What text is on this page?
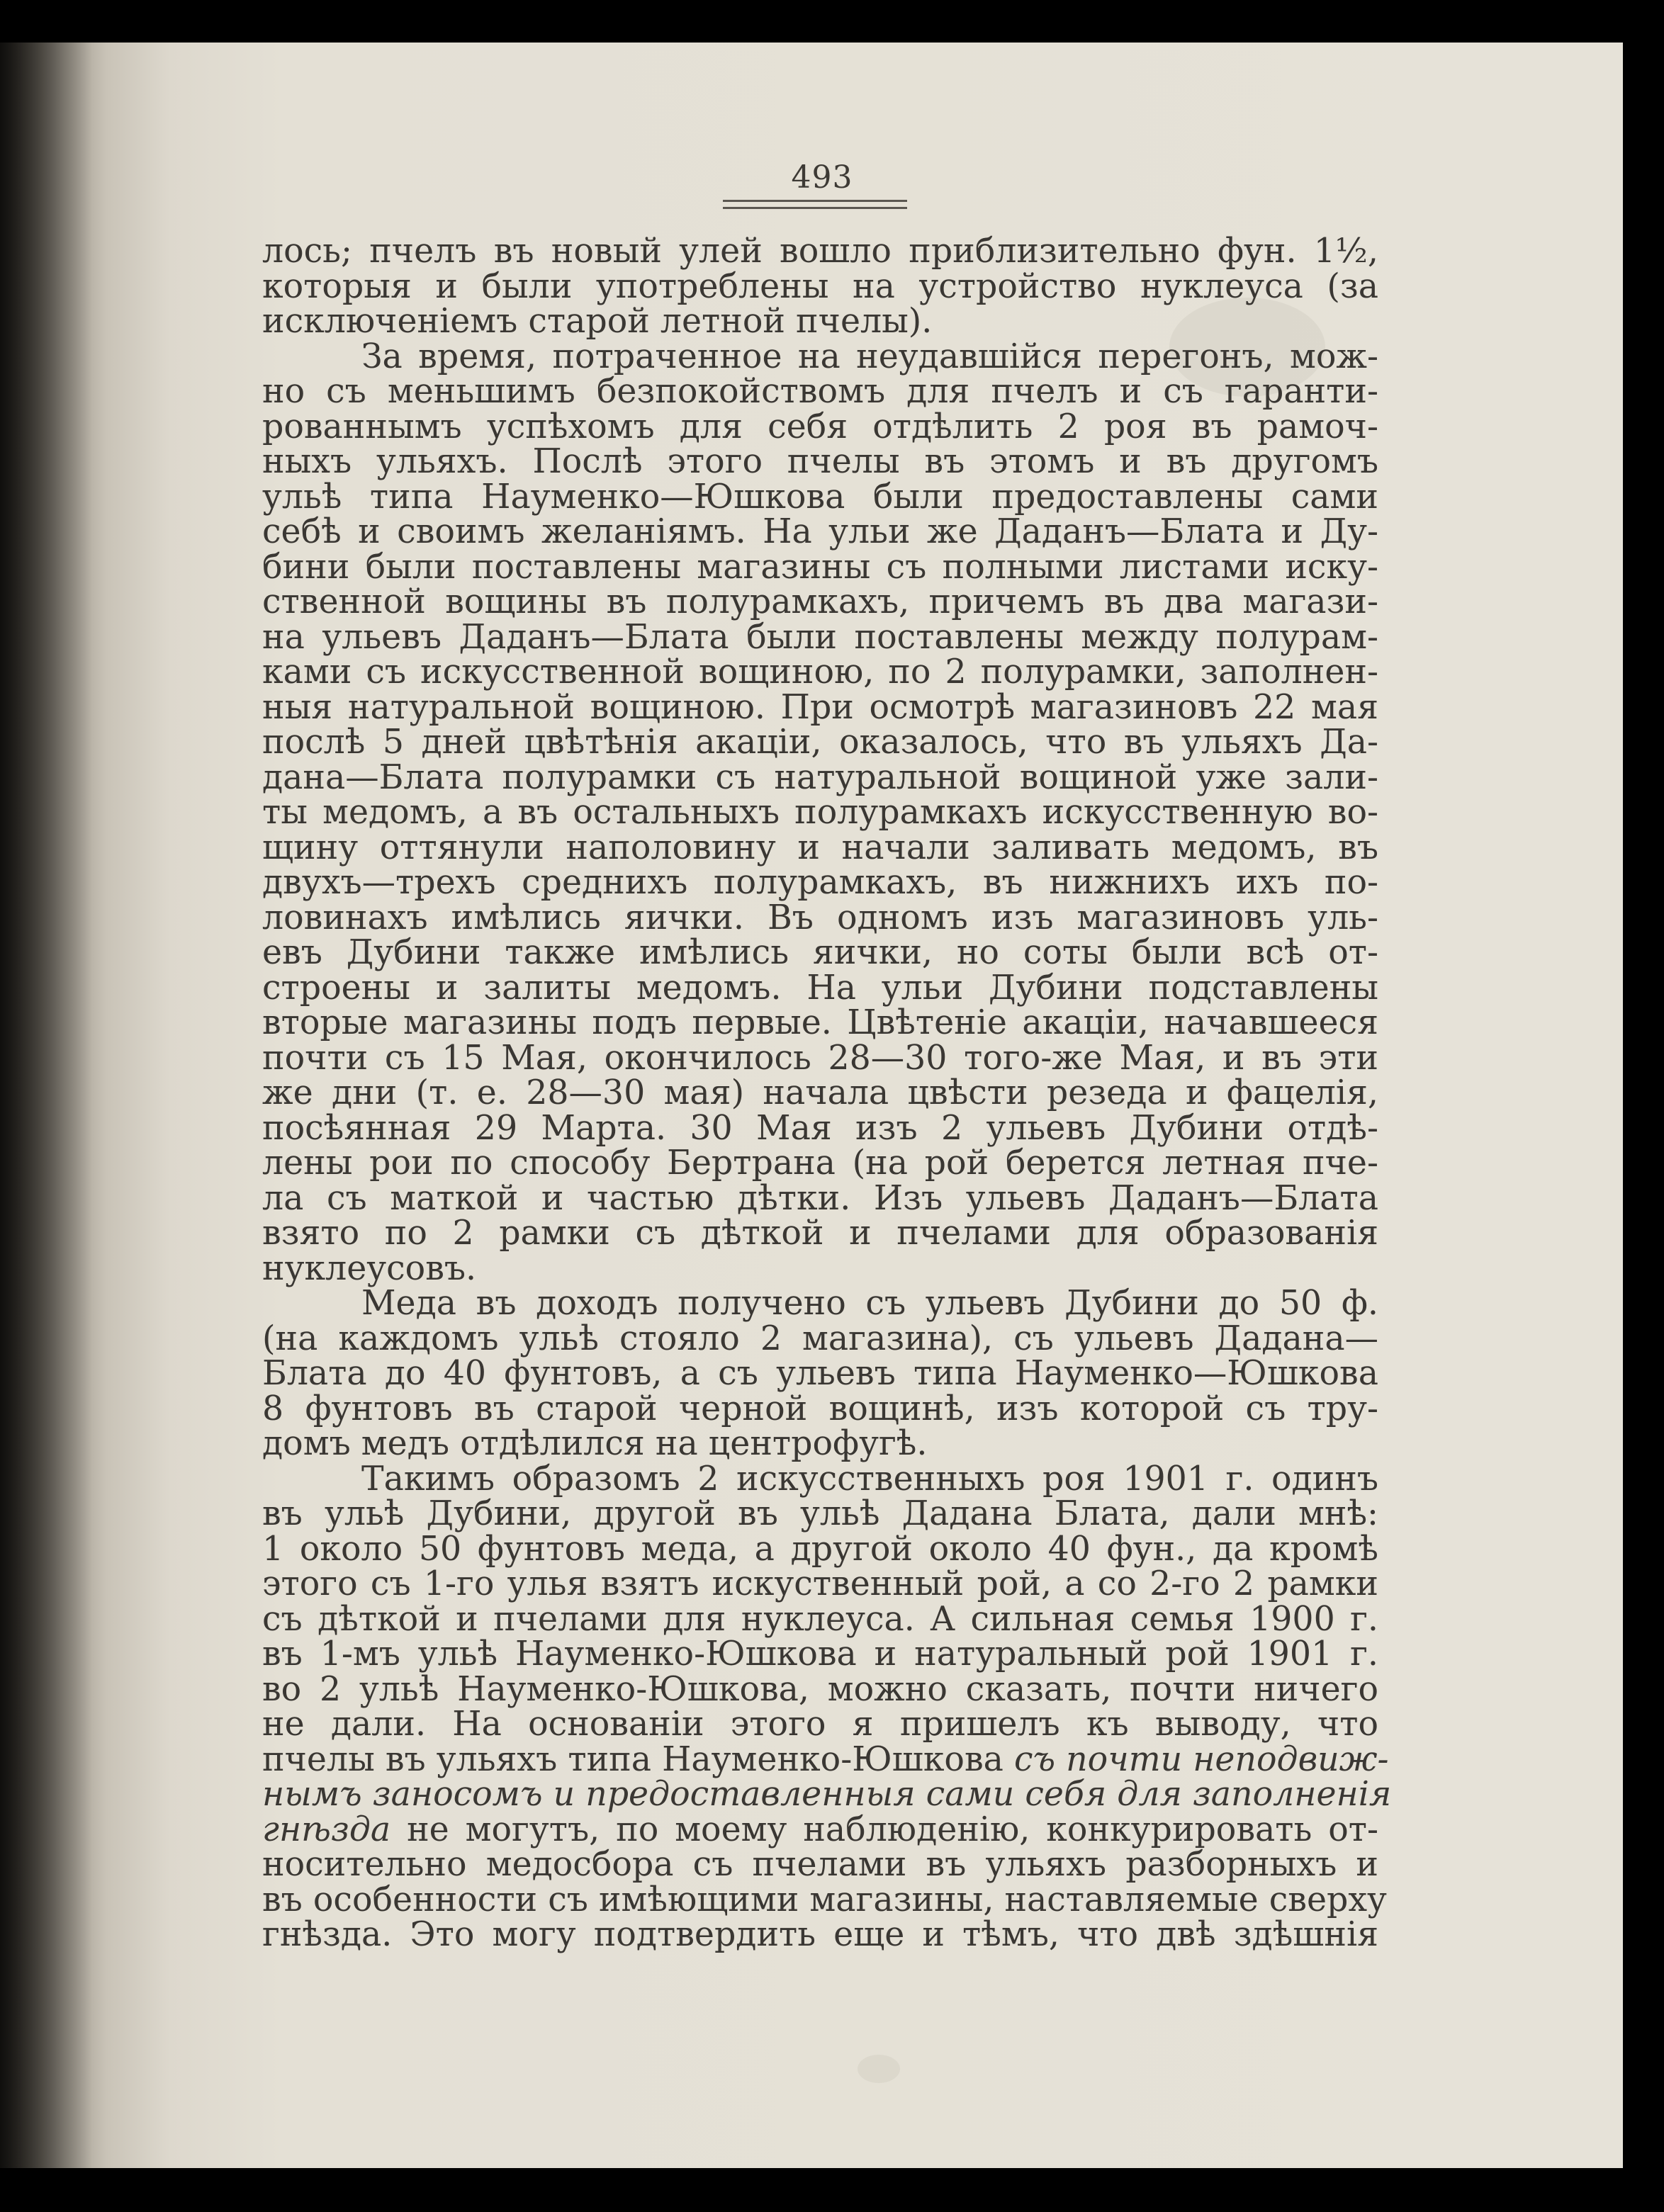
493
лось; пчелъ въ новый улей вошло приблизительно фун. 1½,
которыя и были употреблены на устройство нуклеуса (за
исключеніемъ старой летной пчелы).
За время, потраченное на неудавшійся перегонъ, мож-
но съ меньшимъ безпокойствомъ для пчелъ и съ гаранти-
рованнымъ успѣхомъ для себя отдѣлить 2 роя въ рамоч-
ныхъ ульяхъ. Послѣ этого пчелы въ этомъ и въ другомъ
ульѣ типа Науменко—Юшкова были предоставлены сами
себѣ и своимъ желаніямъ. На ульи же Даданъ—Блата и Ду-
бини были поставлены магазины съ полными листами иску-
ственной вощины въ полурамкахъ, причемъ въ два магази-
на ульевъ Даданъ—Блата были поставлены между полурам-
ками съ искусственной вощиною, по 2 полурамки, заполнен-
ныя натуральной вощиною. При осмотрѣ магазиновъ 22 мая
послѣ 5 дней цвѣтѣнія акаціи, оказалось, что въ ульяхъ Да-
дана—Блата полурамки съ натуральной вощиной уже зали-
ты медомъ, а въ остальныхъ полурамкахъ искусственную во-
щину оттянули наполовину и начали заливать медомъ, въ
двухъ—трехъ среднихъ полурамкахъ, въ нижнихъ ихъ по-
ловинахъ имѣлись яички. Въ одномъ изъ магазиновъ уль-
евъ Дубини также имѣлись яички, но соты были всѣ от-
строены и залиты медомъ. На ульи Дубини подставлены
вторые магазины подъ первые. Цвѣтеніе акаціи, начавшееся
почти съ 15 Мая, окончилось 28—30 того-же Мая, и въ эти
же дни (т. е. 28—30 мая) начала цвѣсти резеда и фацелія,
посѣянная 29 Марта. 30 Мая изъ 2 ульевъ Дубини отдѣ-
лены рои по способу Бертрана (на рой берется летная пче-
ла съ маткой и частью дѣтки. Изъ ульевъ Даданъ—Блата
взято по 2 рамки съ дѣткой и пчелами для образованія
нуклеусовъ.
Меда въ доходъ получено съ ульевъ Дубини до 50 ф.
(на каждомъ ульѣ стояло 2 магазина), съ ульевъ Дадана—
Блата до 40 фунтовъ, а съ ульевъ типа Науменко—Юшкова
8 фунтовъ въ старой черной вощинѣ, изъ которой съ тру-
домъ медъ отдѣлился на центрофугѣ.
Такимъ образомъ 2 искусственныхъ роя 1901 г. одинъ
въ ульѣ Дубини, другой въ ульѣ Дадана Блата, дали мнѣ:
1 около 50 фунтовъ меда, а другой около 40 фун., да кромѣ
этого съ 1-го улья взятъ искуственный рой, а со 2-го 2 рамки
съ дѣткой и пчелами для нуклеуса. А сильная семья 1900 г.
въ 1-мъ ульѣ Науменко-Юшкова и натуральный рой 1901 г.
во 2 ульѣ Науменко-Юшкова, можно сказать, почти ничего
не дали. На основаніи этого я пришелъ къ выводу, что
пчелы въ ульяхъ типа Науменко-Юшкова съ почти неподвиж-
нымъ заносомъ и предоставленныя сами себя для заполненія
гнѣзда не могутъ, по моему наблюденію, конкурировать от-
носительно медосбора съ пчелами въ ульяхъ разборныхъ и
въ особенности съ имѣющими магазины, наставляемые сверху
гнѣзда. Это могу подтвердить еще и тѣмъ, что двѣ здѣшнія
